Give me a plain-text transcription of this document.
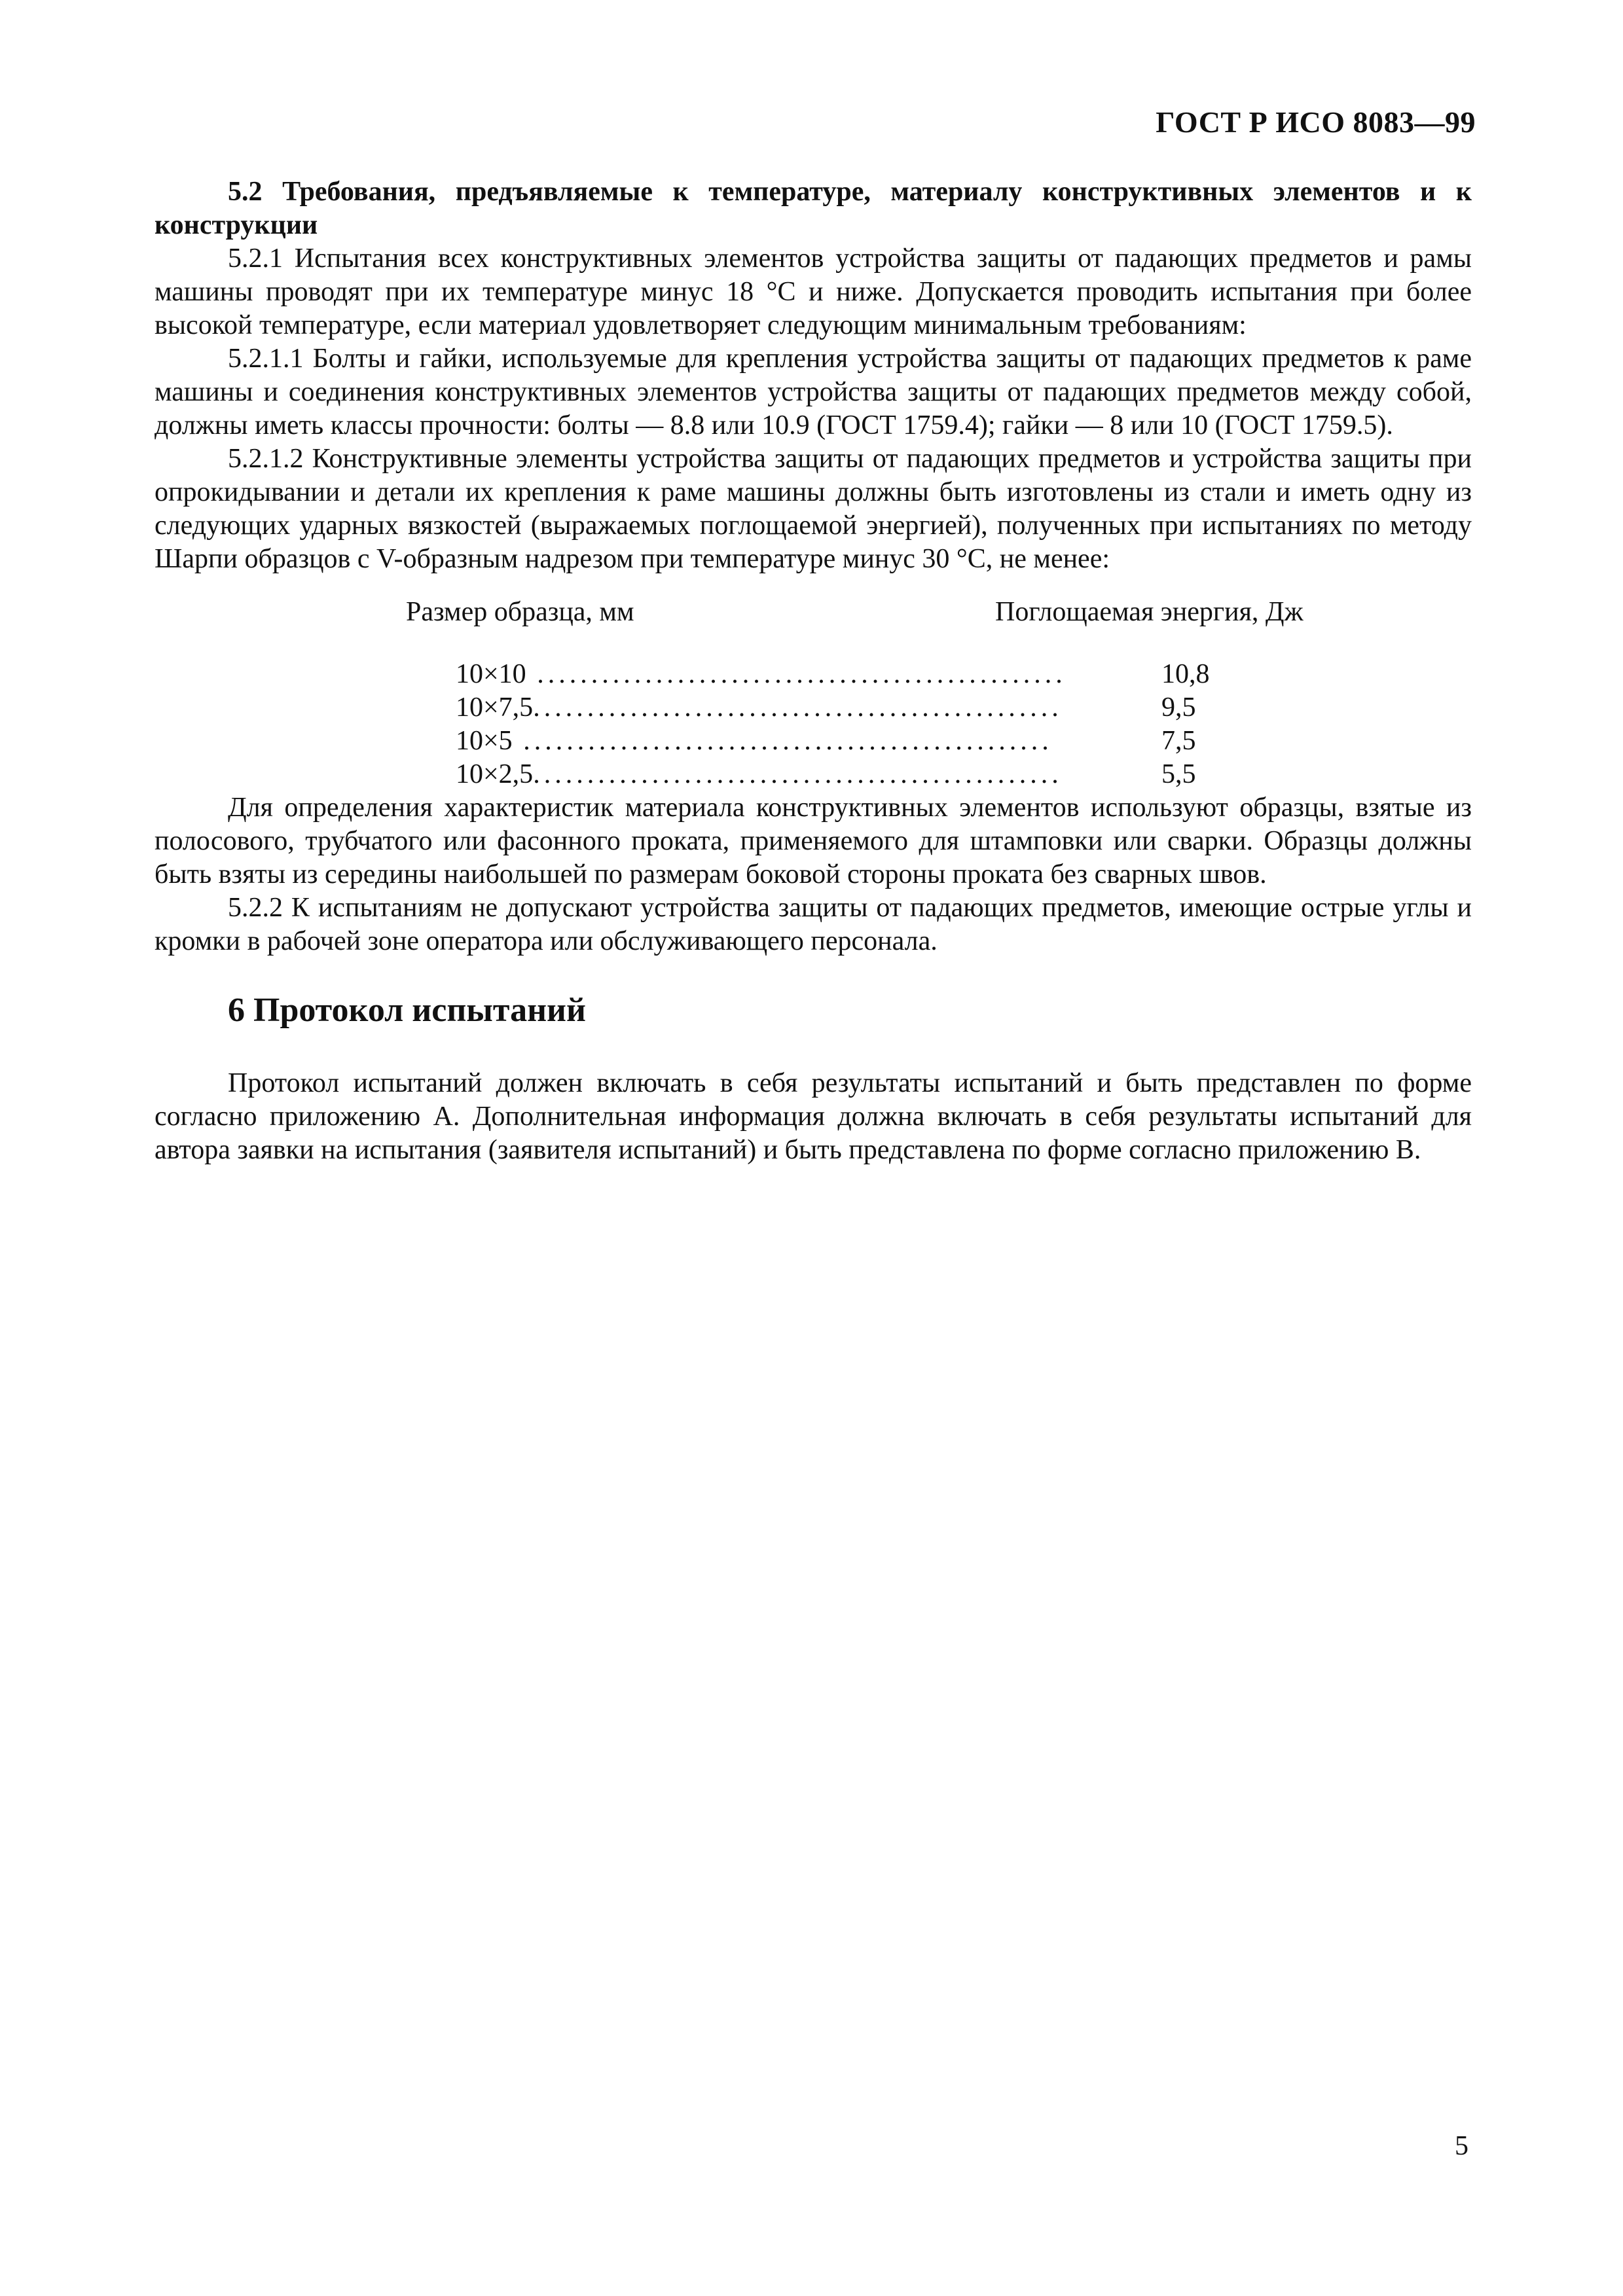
ГОСТ Р ИСО 8083—99

5.2 Требования, предъявляемые к температуре, материалу конструктивных элементов и к конструкции

5.2.1 Испытания всех конструктивных элементов устройства защиты от падающих предметов и рамы машины проводят при их температуре минус 18 °С и ниже. Допускается проводить испытания при более высокой температуре, если материал удовлетворяет следующим минимальным требованиям:

5.2.1.1 Болты и гайки, используемые для крепления устройства защиты от падающих предметов к раме машины и соединения конструктивных элементов устройства защиты от падающих предметов между собой, должны иметь классы прочности: болты — 8.8 или 10.9 (ГОСТ 1759.4); гайки — 8 или 10 (ГОСТ 1759.5).

5.2.1.2 Конструктивные элементы устройства защиты от падающих предметов и устройства защиты при опрокидывании и детали их крепления к раме машины должны быть изготовлены из стали и иметь одну из следующих ударных вязкостей (выражаемых поглощаемой энергией), полученных при испытаниях по методу Шарпи образцов с V-образным надрезом при температуре минус 30 °С, не менее:

Размер образца, мм	Поглощаемая энергия, Дж
10×10 .................................................	10,8
10×7,5.................................................	9,5
10×5 .................................................	7,5
10×2,5.................................................	5,5

Для определения характеристик материала конструктивных элементов используют образцы, взятые из полосового, трубчатого или фасонного проката, применяемого для штамповки или сварки. Образцы должны быть взяты из середины наибольшей по размерам боковой стороны проката без сварных швов.

5.2.2 К испытаниям не допускают устройства защиты от падающих предметов, имеющие острые углы и кромки в рабочей зоне оператора или обслуживающего персонала.

6 Протокол испытаний

Протокол испытаний должен включать в себя результаты испытаний и быть представлен по форме согласно приложению А. Дополнительная информация должна включать в себя результаты испытаний для автора заявки на испытания (заявителя испытаний) и быть представлена по форме согласно приложению В.

5
